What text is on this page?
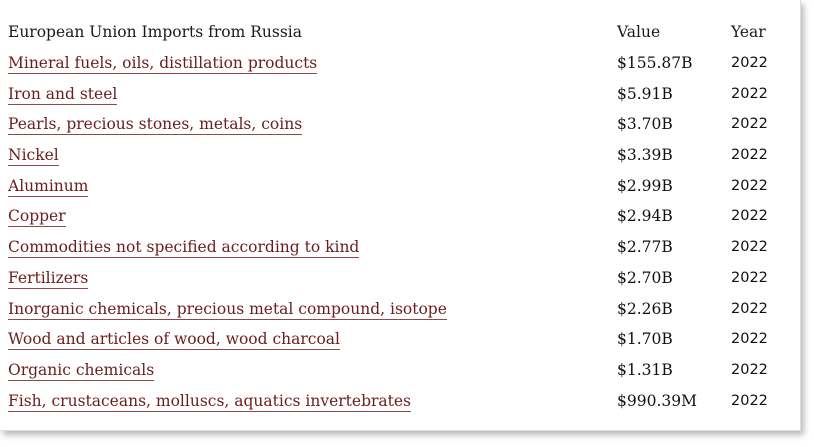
European Union Imports from Russia	Value	Year
Mineral fuels, oils, distillation products	$155.87B	2022
Iron and steel	$5.91B	2022
Pearls, precious stones, metals, coins	$3.70B	2022
Nickel	$3.39B	2022
Aluminum	$2.99B	2022
Copper	$2.94B	2022
Commodities not specified according to kind	$2.77B	2022
Fertilizers	$2.70B	2022
Inorganic chemicals, precious metal compound, isotope	$2.26B	2022
Wood and articles of wood, wood charcoal	$1.70B	2022
Organic chemicals	$1.31B	2022
Fish, crustaceans, molluscs, aquatics invertebrates	$990.39M	2022
